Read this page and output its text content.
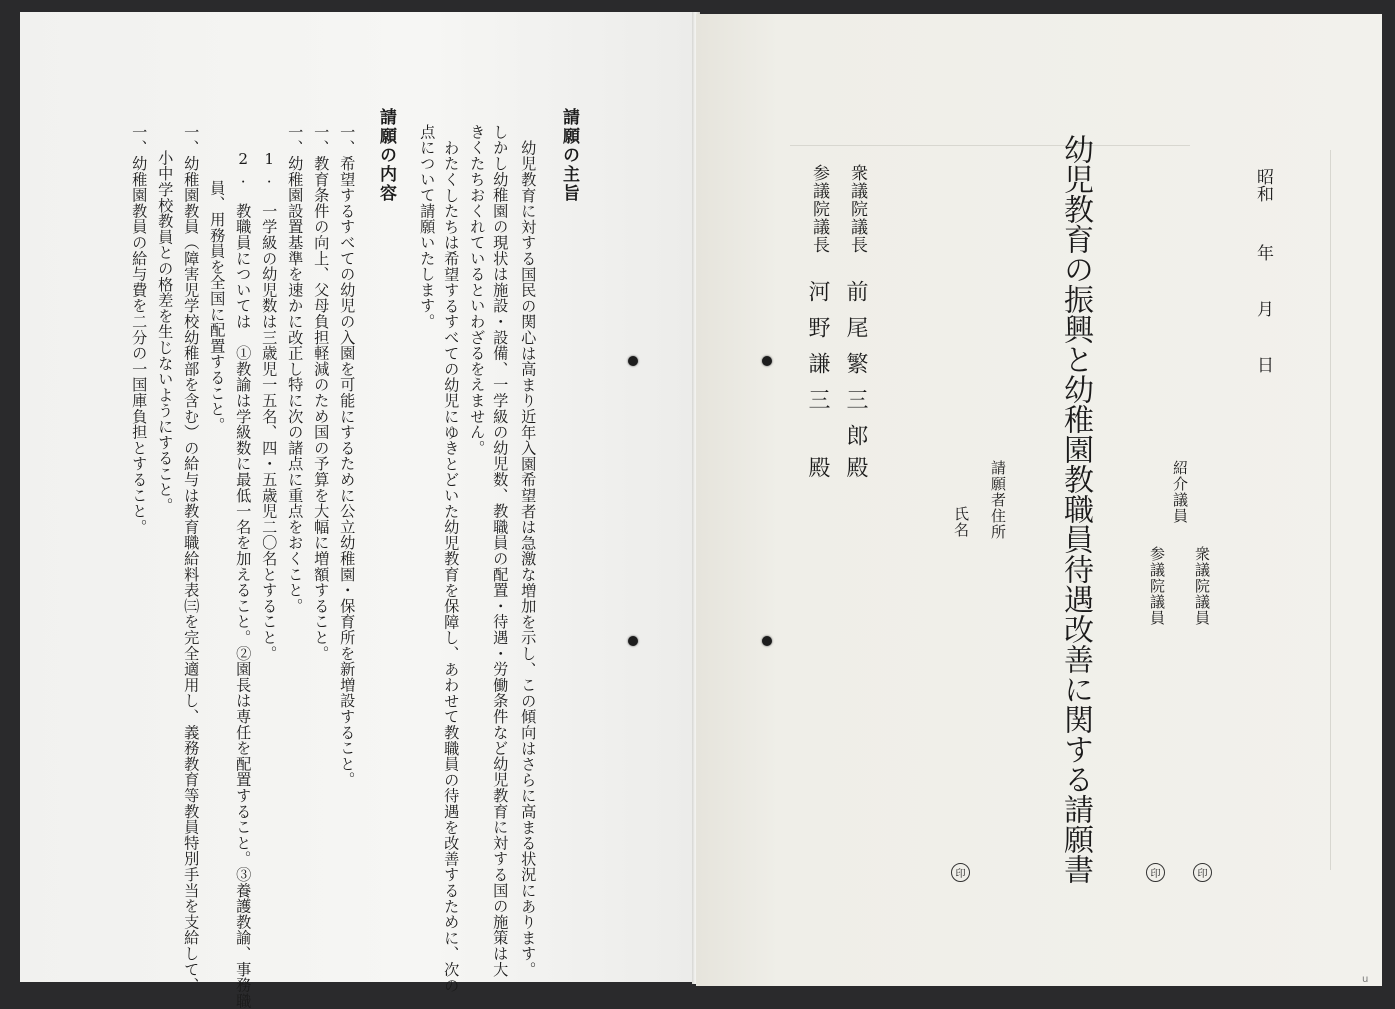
請願の主旨
幼児教育に対する国民の関心は高まり近年入園希望者は急激な増加を示し、この傾向はさらに高まる状況にあります。
しかし幼稚園の現状は施設・設備、一学級の幼児数、教職員の配置・待遇・労働条件など幼児教育に対する国の施策は大
きくたちおくれているといわざるをえません。
わたくしたちは希望するすべての幼児にゆきとどいた幼児教育を保障し、あわせて教職員の待遇を改善するために、次の
点について請願いたします。
請願の内容
一、希望するすべての幼児の入園を可能にするために公立幼稚園・保育所を新増設すること。
一、教育条件の向上、父母負担軽減のため国の予算を大幅に増額すること。
一、幼稚園設置基準を速かに改正し特に次の諸点に重点をおくこと。
1.　一学級の幼児数は三歳児一五名、四・五歳児二〇名とすること。
2.　教職員については　①教諭は学級数に最低一名を加えること。②園長は専任を配置すること。③養護教諭、事務職
員、用務員を全国に配置すること。
一、幼稚園教員（障害児学校幼稚部を含む）の給与は教育職給料表㈢を完全適用し、義務教育等教員特別手当を支給して、
小中学校教員との格差を生じないようにすること。
一、幼稚園教員の給与費を二分の一国庫負担とすること。	昭和
年
月
日
幼児教育の振興と幼稚園教職員待遇改善に関する請願書	紹介議員
衆議院議員
参議院議員
請願者住所
氏名
衆議院議長
前尾繁三郎
殿
参議院議長
河野謙三
殿
印
印
印
u
